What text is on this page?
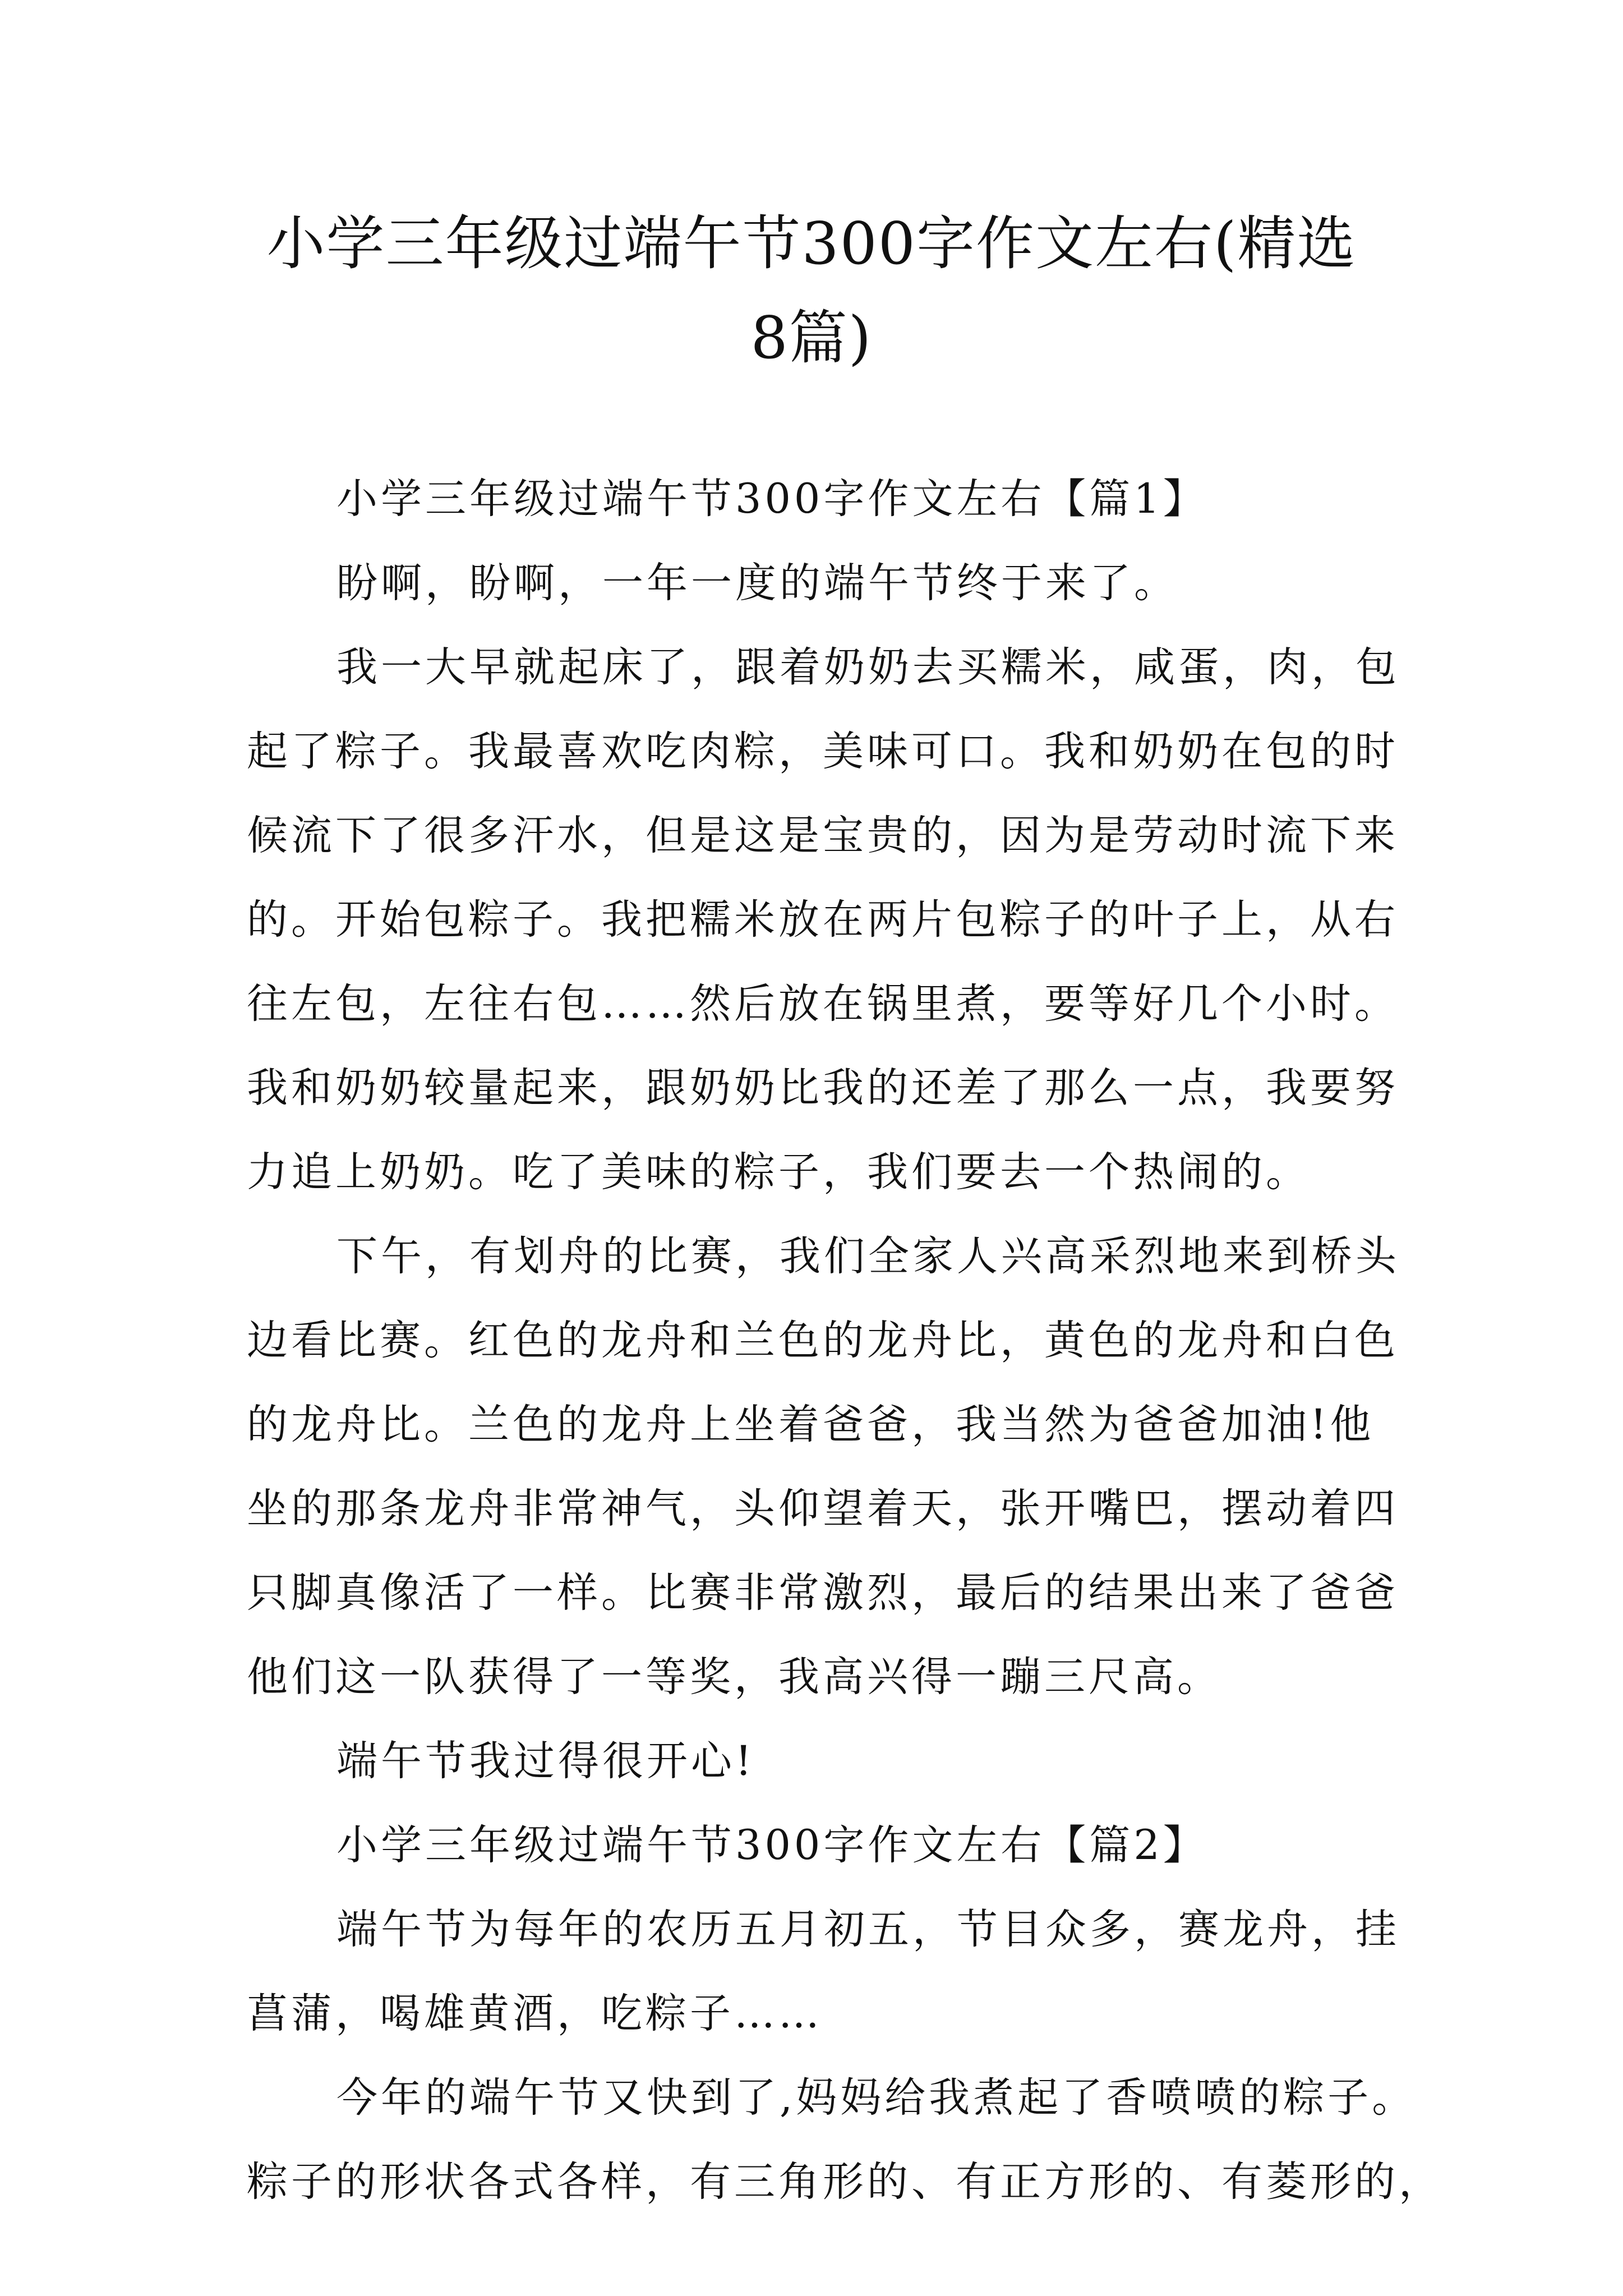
小学三年级过端午节300字作文左右(精选
8篇)

小学三年级过端午节300字作文左右【篇1】

盼啊，盼啊，一年一度的端午节终于来了。

我一大早就起床了，跟着奶奶去买糯米，咸蛋，肉，包
起了粽子。我最喜欢吃肉粽，美味可口。我和奶奶在包的时
候流下了很多汗水，但是这是宝贵的，因为是劳动时流下来
的。开始包粽子。我把糯米放在两片包粽子的叶子上，从右
往左包，左往右包……然后放在锅里煮，要等好几个小时。
我和奶奶较量起来，跟奶奶比我的还差了那么一点，我要努
力追上奶奶。吃了美味的粽子，我们要去一个热闹的。

下午，有划舟的比赛，我们全家人兴高采烈地来到桥头
边看比赛。红色的龙舟和兰色的龙舟比，黄色的龙舟和白色
的龙舟比。兰色的龙舟上坐着爸爸，我当然为爸爸加油!他
坐的那条龙舟非常神气，头仰望着天，张开嘴巴，摆动着四
只脚真像活了一样。比赛非常激烈，最后的结果出来了爸爸
他们这一队获得了一等奖，我高兴得一蹦三尺高。

端午节我过得很开心!

小学三年级过端午节300字作文左右【篇2】

端午节为每年的农历五月初五，节目众多，赛龙舟，挂
菖蒲，喝雄黄酒，吃粽子……

今年的端午节又快到了,妈妈给我煮起了香喷喷的粽子。
粽子的形状各式各样，有三角形的、有正方形的、有菱形的，
